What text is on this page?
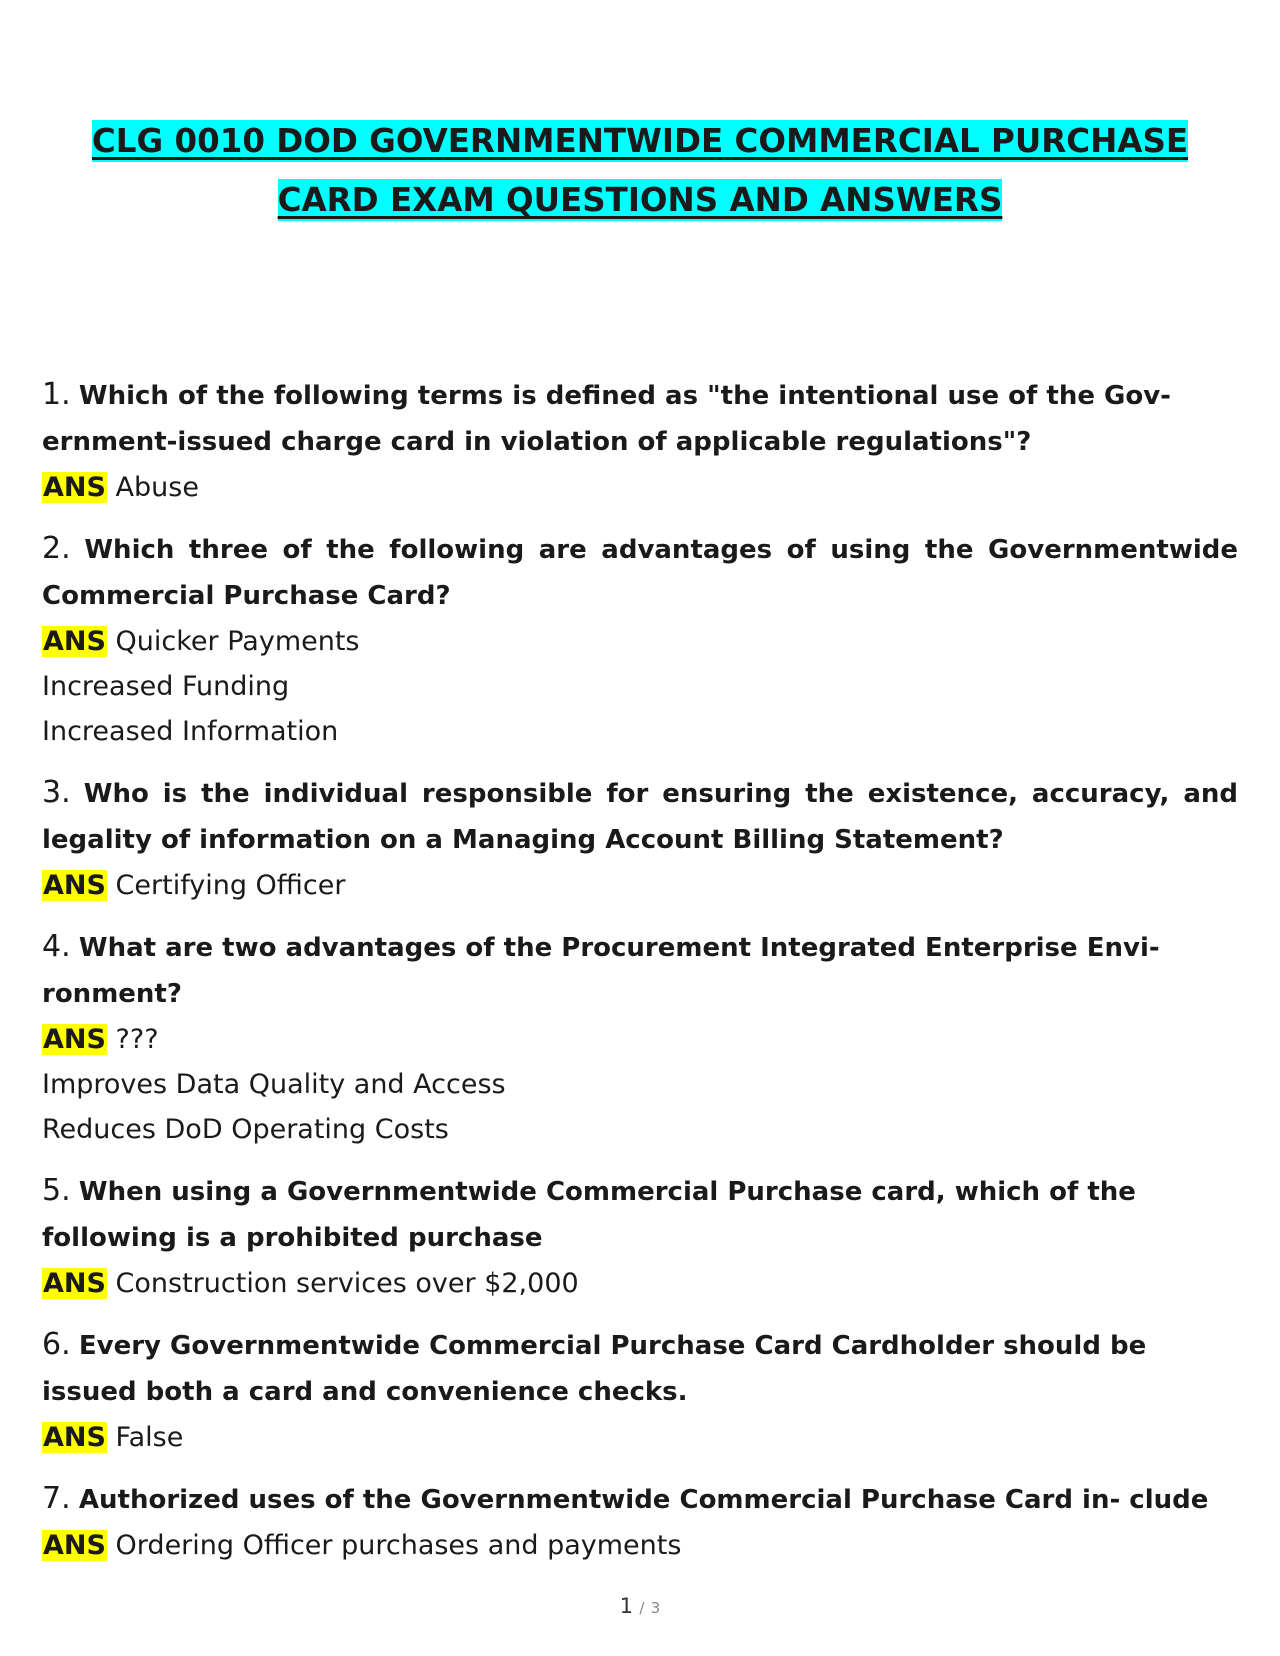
CLG 0010 DOD GOVERNMENTWIDE COMMERCIAL PURCHASE
CARD EXAM QUESTIONS AND ANSWERS

1. Which of the following terms is defined as "the intentional use of the Gov-
ernment-issued charge card in violation of applicable regulations"?

ANS Abuse

2. Which three of the following are advantages of using the Governmentwide Commercial Purchase Card?

ANS Quicker Payments

Increased Funding

Increased Information

3. Who is the individual responsible for ensuring the existence, accuracy, and legality of information on a Managing Account Billing Statement?

ANS Certifying Officer

4. What are two advantages of the Procurement Integrated Enterprise Envi-
ronment?

ANS ???

Improves Data Quality and Access

Reduces DoD Operating Costs

5. When using a Governmentwide Commercial Purchase card, which of the following is a prohibited purchase

ANS Construction services over $2,000

6. Every Governmentwide Commercial Purchase Card Cardholder should be issued both a card and convenience checks.

ANS False

7. Authorized uses of the Governmentwide Commercial Purchase Card in- clude

ANS Ordering Officer purchases and payments

1 / 3
